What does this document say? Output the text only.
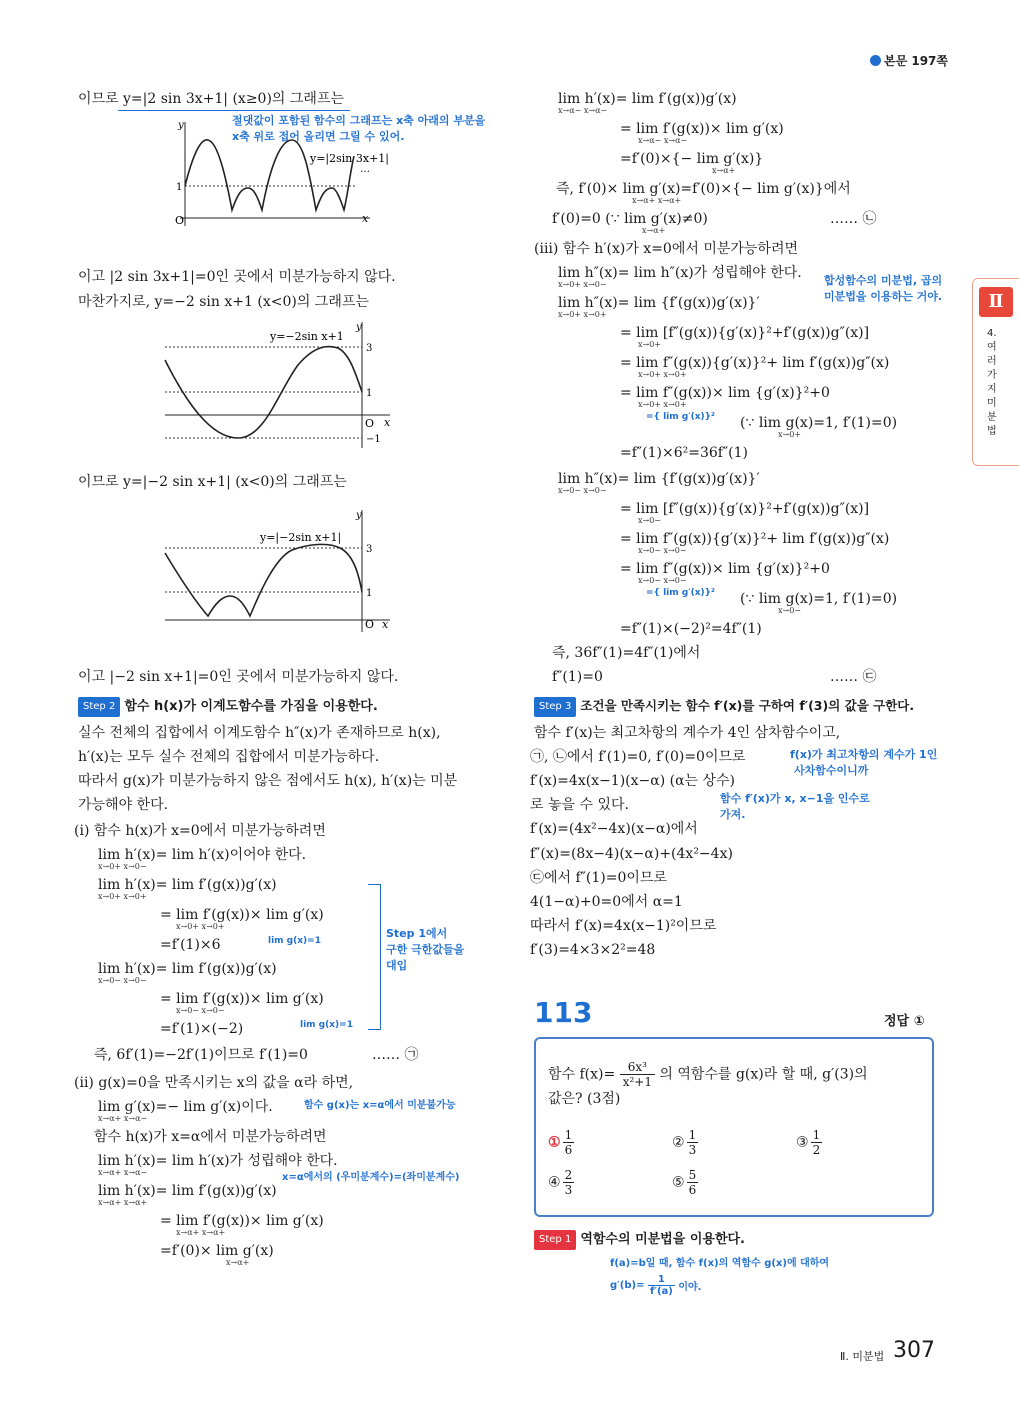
본문 197쪽
Ⅱ
4. 여러 가지 미분법
이므로 y=|2 sin 3x+1| (x≥0)의 그래프는
절댓값이 포함된 함수의 그래프는 x축 아래의 부분을
x축 위로 접어 올리면 그릴 수 있어.
y
x
O
1
y=|2sin 3x+1|
…
이고 |2 sin 3x+1|=0인 곳에서 미분가능하지 않다.
마찬가지로, y=−2 sin x+1 (x<0)의 그래프는
y
x
O
3
1
−1
y=−2sin x+1
이므로 y=|−2 sin x+1| (x<0)의 그래프는
y
x
O
3
1
y=|−2sin x+1|
이고 |−2 sin x+1|=0인 곳에서 미분가능하지 않다.
Step 2 함수 h(x)가 이계도함수를 가짐을 이용한다.
실수 전체의 집합에서 이계도함수 h″(x)가 존재하므로 h(x),
h′(x)는 모두 실수 전체의 집합에서 미분가능하다.
따라서 g(x)가 미분가능하지 않은 점에서도 h(x), h′(x)는 미분
가능해야 한다.
(ⅰ) 함수 h(x)가 x=0에서 미분가능하려면
lim h′(x)= lim h′(x)이어야 한다.
x→0+ x→0−
lim h′(x)= lim f′(g(x))g′(x)
x→0+ x→0+
= lim f′(g(x))× lim g′(x)
x→0+ x→0+
=f′(1)×6	lim g(x)=1
lim h′(x)= lim f′(g(x))g′(x)
x→0− x→0−
= lim f′(g(x))× lim g′(x)
x→0− x→0−
=f′(1)×(−2)	lim g(x)=1
Step 1에서
구한 극한값들을
대입
즉, 6f′(1)=−2f′(1)이므로 f′(1)=0	…… ㉠
(ⅱ) g(x)=0을 만족시키는 x의 값을 α라 하면,
lim g′(x)=− lim g′(x)이다.
x→α+ x→α−
함수 g(x)는 x=α에서 미분불가능
함수 h(x)가 x=α에서 미분가능하려면
lim h′(x)= lim h′(x)가 성립해야 한다.
x→α+ x→α−	x=α에서의 (우미분계수)=(좌미분계수)
lim h′(x)= lim f′(g(x))g′(x)
x→α+ x→α+
= lim f′(g(x))× lim g′(x)
x→α+ x→α+
=f′(0)× lim g′(x)
x→α+
lim h′(x)= lim f′(g(x))g′(x)
x→α− x→α−
= lim f′(g(x))× lim g′(x)
x→α− x→α−
=f′(0)×{− lim g′(x)}
x→α+
즉, f′(0)× lim g′(x)=f′(0)×{− lim g′(x)}에서
x→α+ x→α+
f′(0)=0 (∵ lim g′(x)≠0)
x→α+
…… ㉡
(ⅲ) 함수 h′(x)가 x=0에서 미분가능하려면
lim h″(x)= lim h″(x)가 성립해야 한다.
x→0+ x→0−	합성함수의 미분법, 곱의
미분법을 이용하는 거야.
lim h″(x)= lim {f′(g(x))g′(x)}′
x→0+ x→0+
= lim [f″(g(x)){g′(x)}²+f′(g(x))g″(x)]
x→0+
= lim f″(g(x)){g′(x)}²+ lim f′(g(x))g″(x)
x→0+ x→0+
= lim f″(g(x))× lim {g′(x)}²+0
x→0+ x→0+
={ lim g′(x)}² (∵ lim g(x)=1, f′(1)=0)
x→0+
=f″(1)×6²=36f″(1)
lim h″(x)= lim {f′(g(x))g′(x)}′
x→0− x→0−
= lim [f″(g(x)){g′(x)}²+f′(g(x))g″(x)]
x→0−
= lim f″(g(x)){g′(x)}²+ lim f′(g(x))g″(x)
x→0− x→0−
= lim f″(g(x))× lim {g′(x)}²+0
x→0− x→0−
={ lim g′(x)}² (∵ lim g(x)=1, f′(1)=0)
x→0−
=f″(1)×(−2)²=4f″(1)
즉, 36f″(1)=4f″(1)에서
f″(1)=0	…… ㉢
Step 3 조건을 만족시키는 함수 f′(x)를 구하여 f′(3)의 값을 구한다.
함수 f′(x)는 최고차항의 계수가 4인 삼차함수이고,
㉠, ㉡에서 f′(1)=0, f′(0)=0이므로	f(x)가 최고차항의 계수가 1인
사차함수이니까
f′(x)=4x(x−1)(x−α) (α는 상수)
로 놓을 수 있다.	함수 f′(x)가 x, x−1을 인수로
가져.
f′(x)=(4x²−4x)(x−α)에서
f″(x)=(8x−4)(x−α)+(4x²−4x)
㉢에서 f″(1)=0이므로
4(1−α)+0=0에서 α=1
따라서 f′(x)=4x(x−1)²이므로
f′(3)=4×3×2²=48
113	정답 ①
함수 $f(x)= \frac{\text{6x³}}{\text{x²+1}}$ 의 역함수를 g(x)라 할 때, g′(3)의
값은? (3점)
① $\frac{1}{6}$	② $\frac{1}{3}$	③ $\frac{1}{2}$
④ $\frac{2}{3}$	⑤ $\frac{5}{6}$
Step 1 역함수의 미분법을 이용한다.
f(a)=b일 때, 함수 f(x)의 역함수 g(x)에 대하여
$g'(b)= \frac{1}{f'(a)}$ 이야.
Ⅱ. 미분법 307
